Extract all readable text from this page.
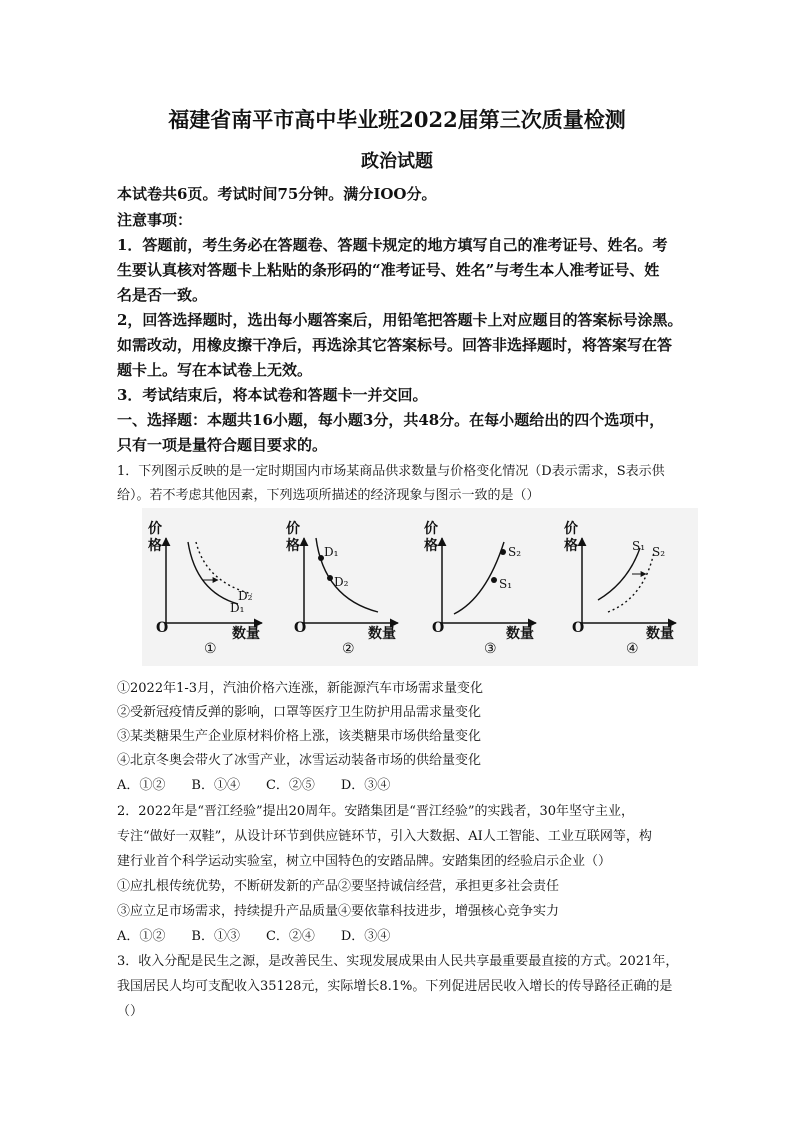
福建省南平市高中毕业班2022届第三次质量检测
政治试题
本试卷共6页。考试时间75分钟。满分IOO分。
注意事项：
1．答题前，考生务必在答题卷、答题卡规定的地方填写自己的准考证号、姓名。考
生要认真核对答题卡上粘贴的条形码的“准考证号、姓名”与考生本人准考证号、姓
名是否一致。
2，回答选择题时，选出每小题答案后，用铅笔把答题卡上对应题目的答案标号涂黑。
如需改动，用橡皮擦干净后，再选涂其它答案标号。回答非选择题时，将答案写在答
题卡上。写在本试卷上无效。
3．考试结束后，将本试卷和答题卡一并交回。
一、选择题：本题共16小题，每小题3分，共48分。在每小题给出的四个选项中，
只有一项是量符合题目要求的。
1．下列图示反映的是一定时期国内市场某商品供求数量与价格变化情况（D表示需求，S表示供
给）。若不考虑其他因素，下列选项所描述的经济现象与图示一致的是（）
价
格
O	数量
D₂
D₁
①
价
格
O	数量
D₁
D₂
②
价
格
O	数量
S₂
S₁
③
价
格
O	数量
S₁ S₂
④
①2022年1-3月，汽油价格六连涨，新能源汽车市场需求量变化
②受新冠疫情反弹的影响，口罩等医疗卫生防护用品需求量变化
③某类糖果生产企业原材料价格上涨，该类糖果市场供给量变化
④北京冬奥会带火了冰雪产业，冰雪运动装备市场的供给量变化
A．①②　　B．①④　　C．②⑤　　D．③④
2．2022年是“晋江经验”提出20周年。安踏集团是“晋江经验”的实践者，30年坚守主业，
专注“做好一双鞋”，从设计环节到供应链环节，引入大数据、AI人工智能、工业互联网等，构
建行业首个科学运动实验室，树立中国特色的安踏品牌。安踏集团的经验启示企业（）
①应扎根传统优势，不断研发新的产品②要坚持诚信经营，承担更多社会责任
③应立足市场需求，持续提升产品质量④要依靠科技进步，增强核心竞争实力
A．①②　　B．①③　　C．②④　　D．③④
3．收入分配是民生之源，是改善民生、实现发展成果由人民共享最重要最直接的方式。2021年，
我国居民人均可支配收入35128元，实际增长8.1%。下列促进居民收入增长的传导路径正确的是
（）
